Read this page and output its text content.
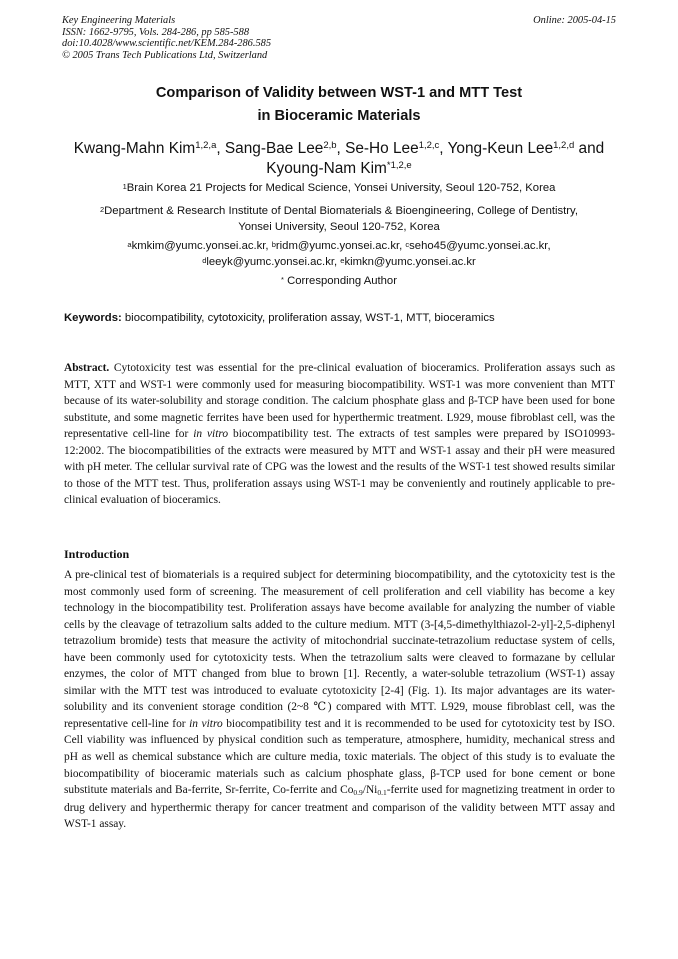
Key Engineering Materials
ISSN: 1662-9795, Vols. 284-286, pp 585-588
doi:10.4028/www.scientific.net/KEM.284-286.585
© 2005 Trans Tech Publications Ltd, Switzerland
Online: 2005-04-15
Comparison of Validity between WST-1 and MTT Test
in Bioceramic Materials
Kwang-Mahn Kim$^{1,2,a}$, Sang-Bae Lee$^{2,b}$, Se-Ho Lee$^{1,2,c}$, Yong-Keun Lee$^{1,2,d}$ and
Kyoung-Nam Kim$^{*1,2,e}$
$^1$Brain Korea 21 Projects for Medical Science, Yonsei University, Seoul 120-752, Korea
$^2$Department & Research Institute of Dental Biomaterials & Bioengineering, College of Dentistry,
Yonsei University, Seoul 120-752, Korea
$^a$kmkim@yumc.yonsei.ac.kr, $^b$ridm@yumc.yonsei.ac.kr, $^c$seho45@yumc.yonsei.ac.kr,
$^d$leeyk@yumc.yonsei.ac.kr, $^e$kimkn@yumc.yonsei.ac.kr
* Corresponding Author
Keywords: biocompatibility, cytotoxicity, proliferation assay, WST-1, MTT, bioceramics
Abstract. Cytotoxicity test was essential for the pre-clinical evaluation of bioceramics. Proliferation assays such as MTT, XTT and WST-1 were commonly used for measuring biocompatibility. WST-1 was more convenient than MTT because of its water-solubility and storage condition. The calcium phosphate glass and β-TCP have been used for bone substitute, and some magnetic ferrites have been used for hyperthermic treatment. L929, mouse fibroblast cell, was the representative cell-line for in vitro biocompatibility test. The extracts of test samples were prepared by ISO10993-12:2002. The biocompatibilities of the extracts were measured by MTT and WST-1 assay and their pH were measured with pH meter. The cellular survival rate of CPG was the lowest and the results of the WST-1 test showed results similar to those of the MTT test. Thus, proliferation assays using WST-1 may be conveniently and routinely applicable to pre-clinical evaluation of bioceramics.
Introduction
A pre-clinical test of biomaterials is a required subject for determining biocompatibility, and the cytotoxicity test is the most commonly used form of screening. The measurement of cell proliferation and cell viability has become a key technology in the biocompatibility test. Proliferation assays have become available for analyzing the number of viable cells by the cleavage of tetrazolium salts added to the culture medium. MTT (3-[4,5-dimethylthiazol-2-yl]-2,5-diphenyl tetrazolium bromide) tests that measure the activity of mitochondrial succinate-tetrazolium reductase system of cells, have been commonly used for cytotoxicity tests. When the tetrazolium salts were cleaved to formazane by cellular enzymes, the color of MTT changed from blue to brown [1]. Recently, a water-soluble tetrazolium (WST-1) assay similar with the MTT test was introduced to evaluate cytotoxicity [2-4] (Fig. 1). Its major advantages are its water-solubility and its convenient storage condition (2~8 ℃) compared with MTT. L929, mouse fibroblast cell, was the representative cell-line for in vitro biocompatibility test and it is recommended to be used for cytotoxicity test by ISO. Cell viability was influenced by physical condition such as temperature, atmosphere, humidity, mechanical stress and pH as well as chemical substance which are culture media, toxic materials. The object of this study is to evaluate the biocompatibility of bioceramic materials such as calcium phosphate glass, β-TCP used for bone cement or bone substitute materials and Ba-ferrite, Sr-ferrite, Co-ferrite and $Co_{0.9}/Ni_{0.1}$-ferrite used for magnetizing treatment in order to drug delivery and hyperthermic therapy for cancer treatment and comparison of the validity between MTT assay and WST-1 assay.
